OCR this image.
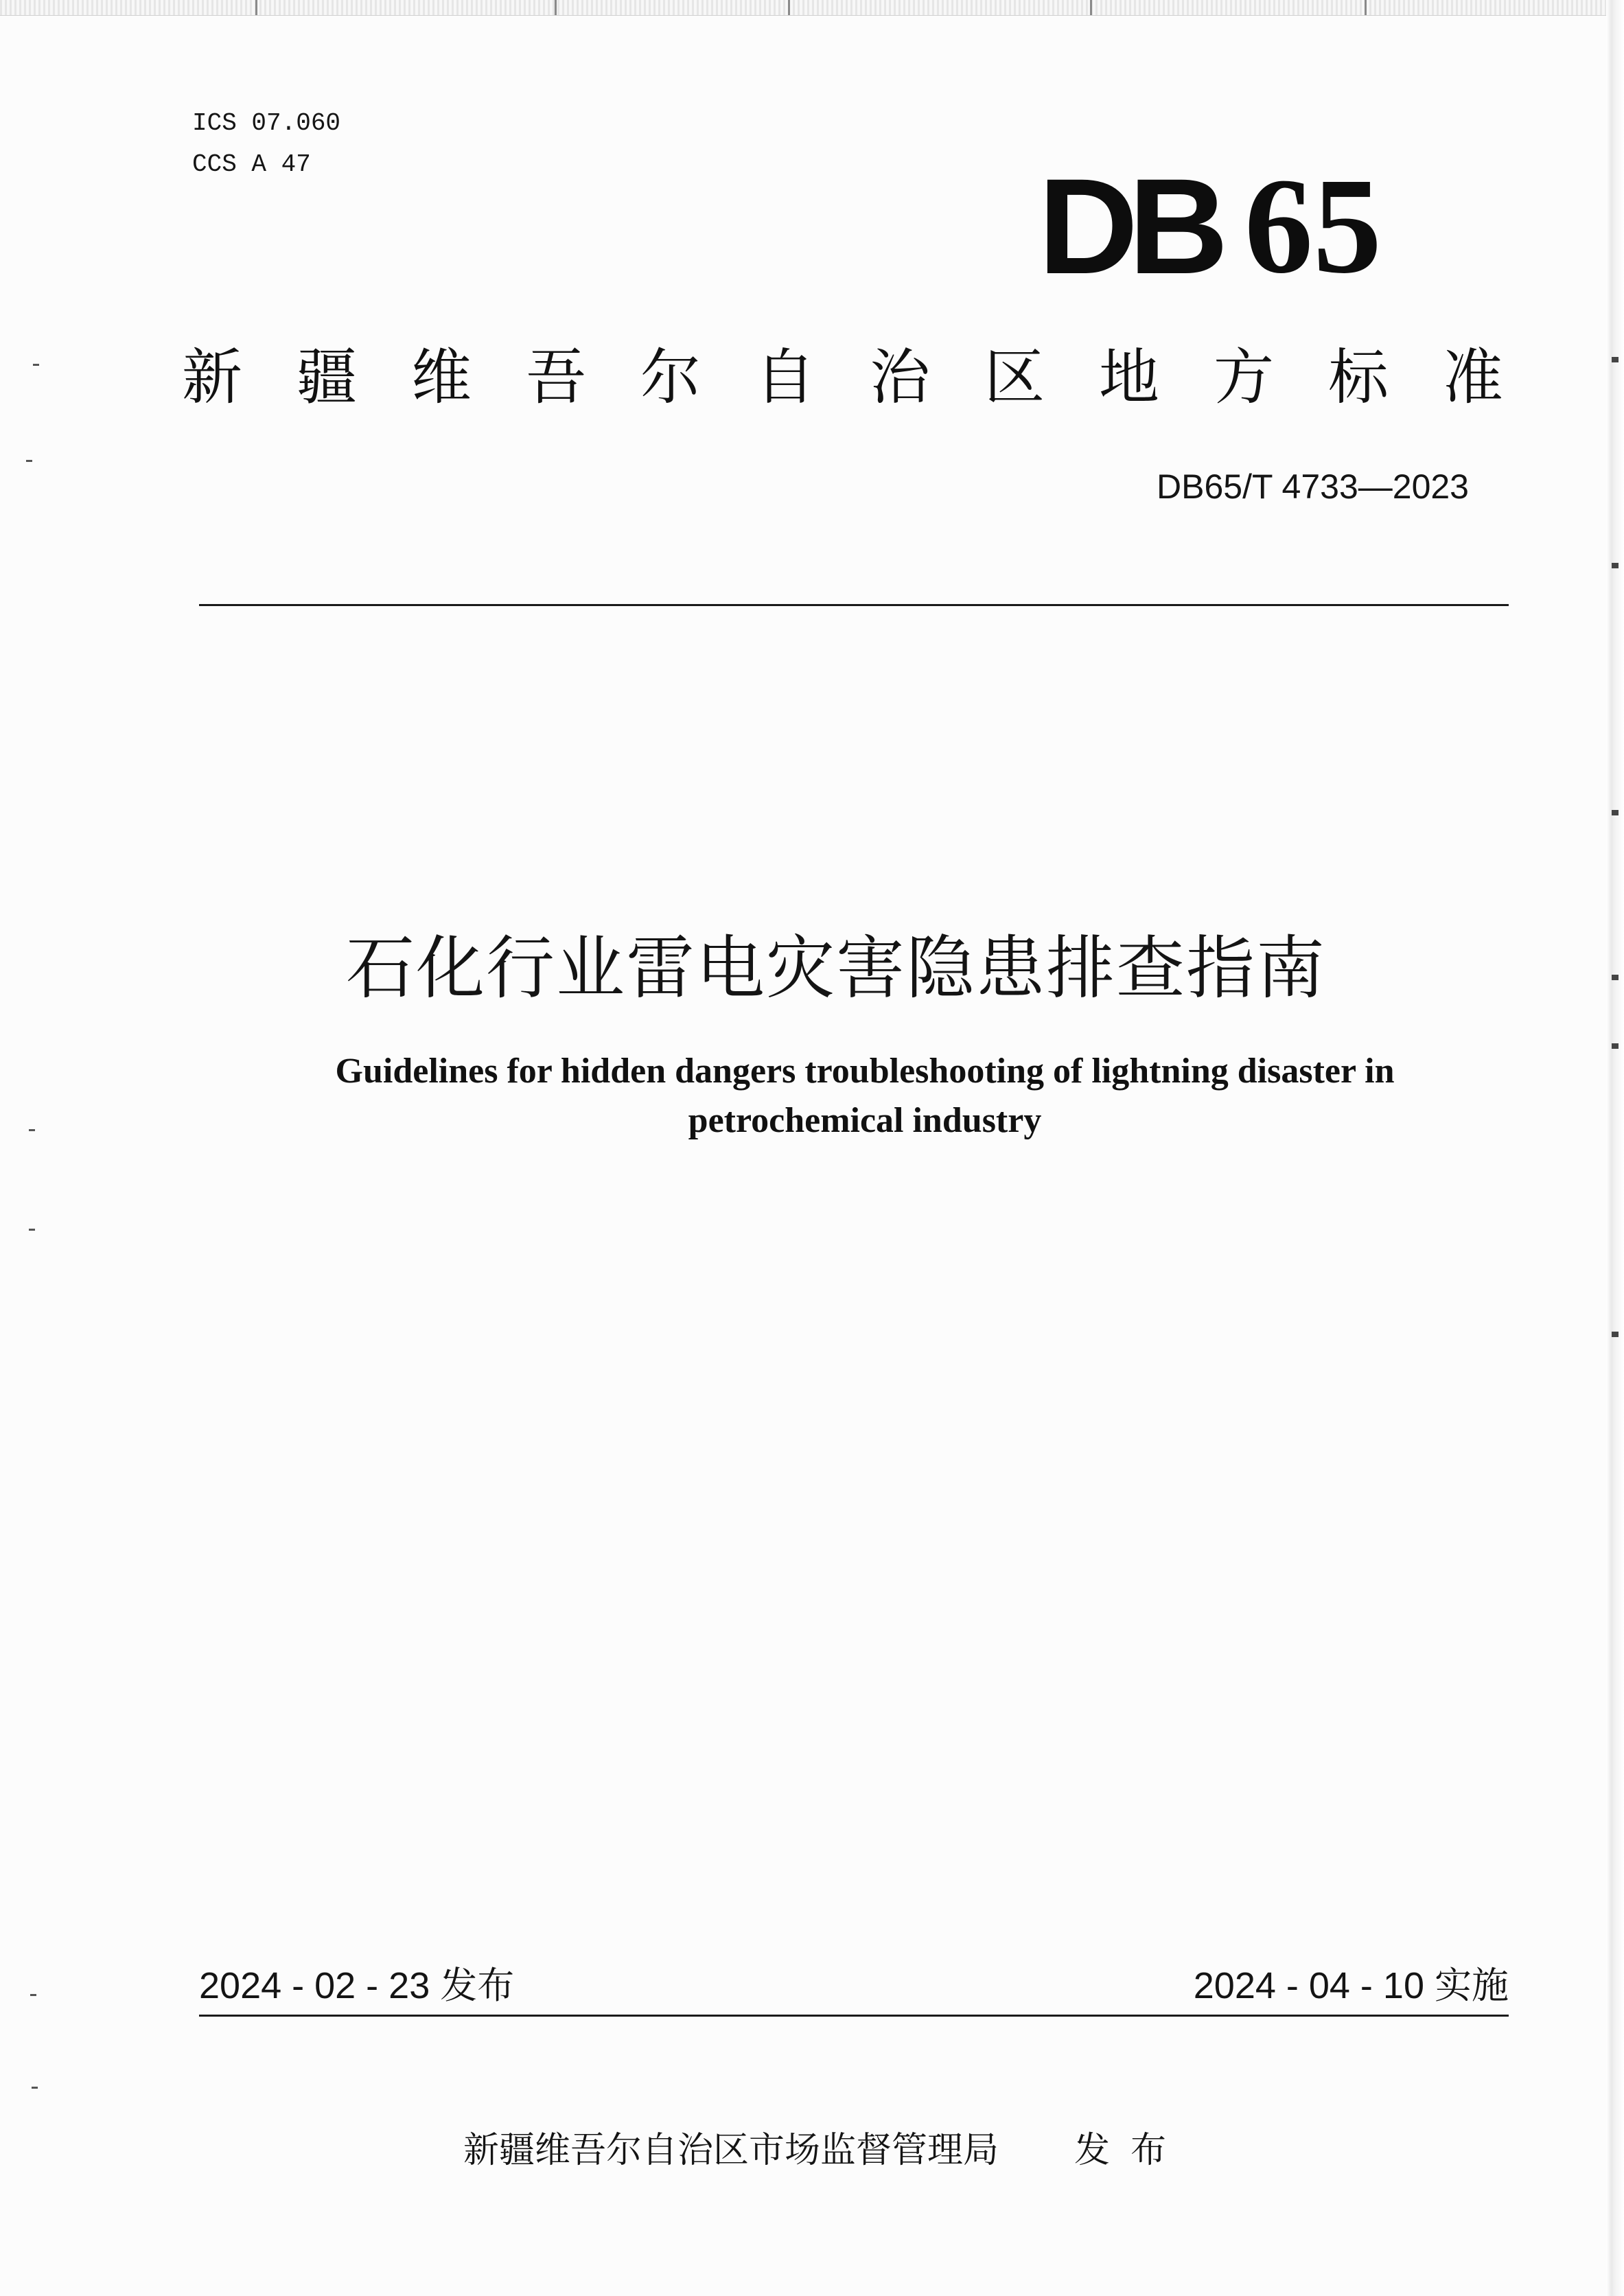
ICS 07.060
CCS A 47	DB 65
新疆维吾尔自治区地方标准
DB65/T 4733—2023
石化行业雷电灾害隐患排查指南
Guidelines for hidden dangers troubleshooting of lightning disaster in
petrochemical industry
2024 - 02 - 23 发布	2024 - 04 - 10 实施
新疆维吾尔自治区市场监督管理局 发布
